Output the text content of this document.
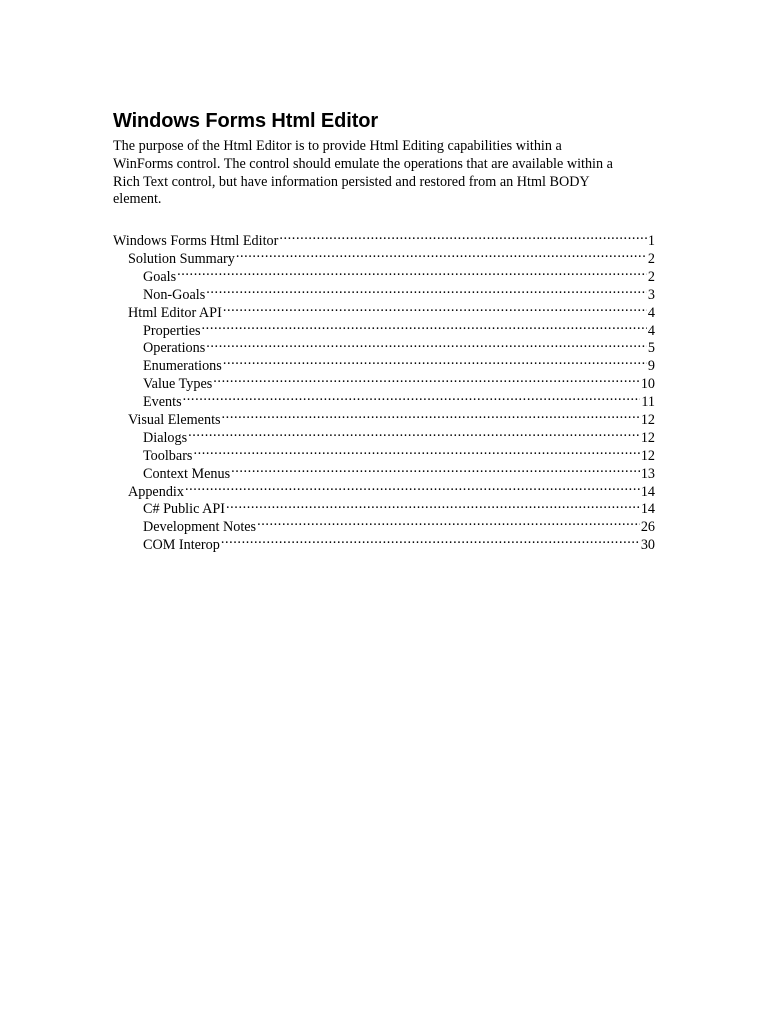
Windows Forms Html Editor

The purpose of the Html Editor is to provide Html Editing capabilities within a
WinForms control. The control should emulate the operations that are available within a
Rich Text control, but have information persisted and restored from an Html BODY
element.

Windows Forms Html Editor .....	1
Solution Summary .....	2
Goals .....	2
Non-Goals .....	3
Html Editor API .....	4
Properties .....	4
Operations .....	5
Enumerations .....	9
Value Types .....	10
Events .....	11
Visual Elements .....	12
Dialogs .....	12
Toolbars .....	12
Context Menus .....	13
Appendix .....	14
C# Public API .....	14
Development Notes .....	26
COM Interop .....	30
